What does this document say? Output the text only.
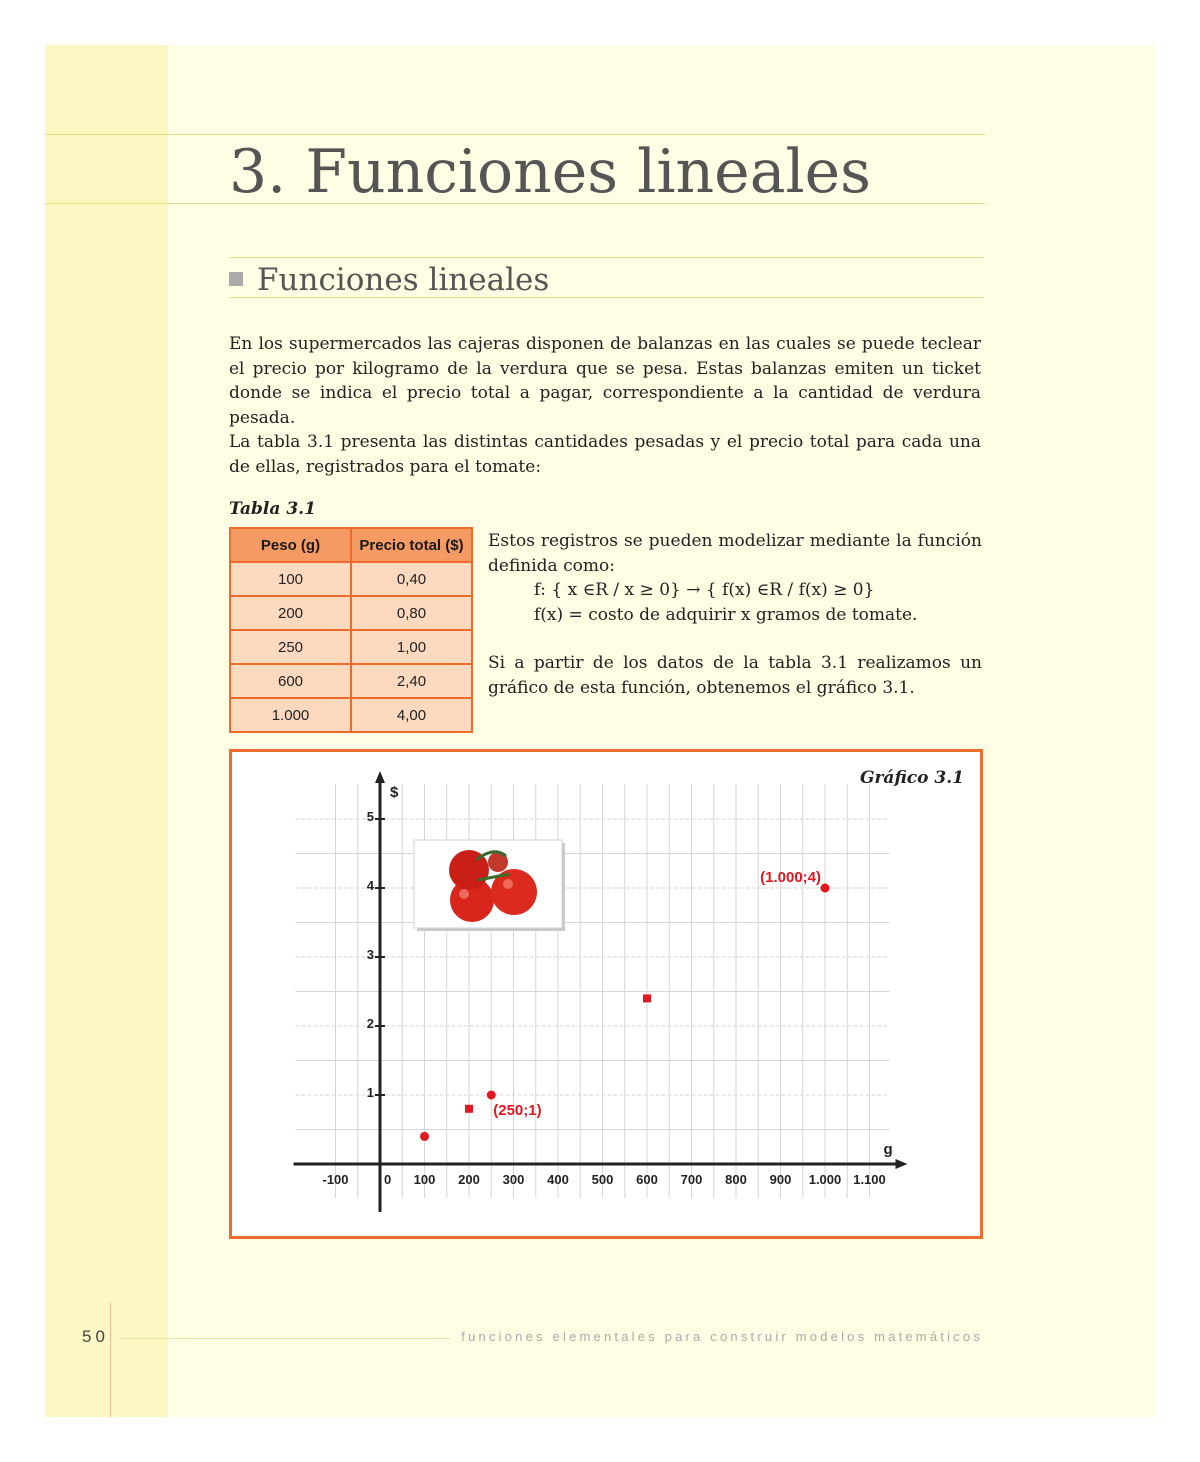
3. Funciones lineales
Funciones lineales
En los supermercados las cajeras disponen de balanzas en las cuales se puede teclear el precio por kilogramo de la verdura que se pesa. Estas balanzas emiten un ticket donde se indica el precio total a pagar, correspondiente a la cantidad de verdura pesada.
La tabla 3.1 presenta las distintas cantidades pesadas y el precio total para cada una de ellas, registrados para el tomate:
Tabla 3.1
Peso (g)	Precio total ($)
100	0,40
200	0,80
250	1,00
600	2,40
1.000	4,00
Estos registros se pueden modelizar mediante la función definida como:
f: { x ∈R / x ≥ 0} → { f(x) ∈R / f(x) ≥ 0}
f(x) = costo de adquirir x gramos de tomate.
Si a partir de los datos de la tabla 3.1 realizamos un gráfico de esta función, obtenemos el gráfico 3.1.
Gráfico 3.1
g
$
-100	0 100 200 300 400 500 600 700 800 900 1.000 1.100
1
2
3
4
5
(250;1)
(1.000;4)
50	funciones elementales para construir modelos matemáticos
